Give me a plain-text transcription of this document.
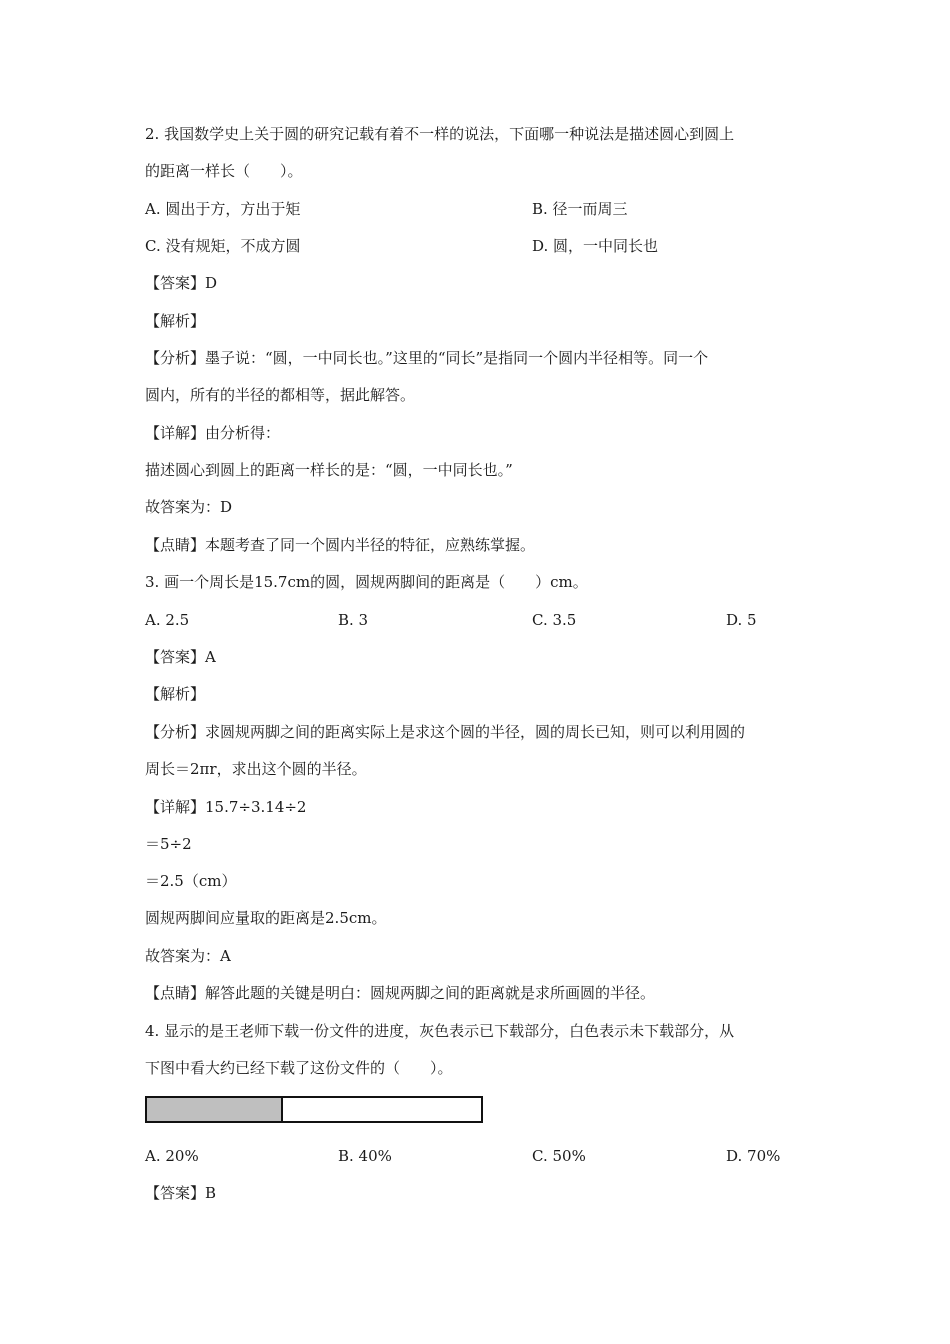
2. 我国数学史上关于圆的研究记载有着不一样的说法，下面哪一种说法是描述圆心到圆上
的距离一样长（　　）。
A. 圆出于方，方出于矩	B. 径一而周三
C. 没有规矩，不成方圆	D. 圆，一中同长也
【答案】D
【解析】
【分析】墨子说：“圆，一中同长也。”这里的“同长”是指同一个圆内半径相等。同一个
圆内，所有的半径的都相等，据此解答。
【详解】由分析得：
描述圆心到圆上的距离一样长的是：“圆，一中同长也。”
故答案为：D
【点睛】本题考查了同一个圆内半径的特征，应熟练掌握。
3. 画一个周长是15.7cm的圆，圆规两脚间的距离是（　　）cm。
A. 2.5	B. 3	C. 3.5	D. 5
【答案】A
【解析】
【分析】求圆规两脚之间的距离实际上是求这个圆的半径，圆的周长已知，则可以利用圆的
周长＝2πr，求出这个圆的半径。
【详解】15.7÷3.14÷2
＝5÷2
＝2.5（cm）
圆规两脚间应量取的距离是2.5cm。
故答案为：A
【点睛】解答此题的关键是明白：圆规两脚之间的距离就是求所画圆的半径。
4. 显示的是王老师下载一份文件的进度，灰色表示已下载部分，白色表示未下载部分，从
下图中看大约已经下载了这份文件的（　　）。
A. 20%	B. 40%	C. 50%	D. 70%
【答案】B
